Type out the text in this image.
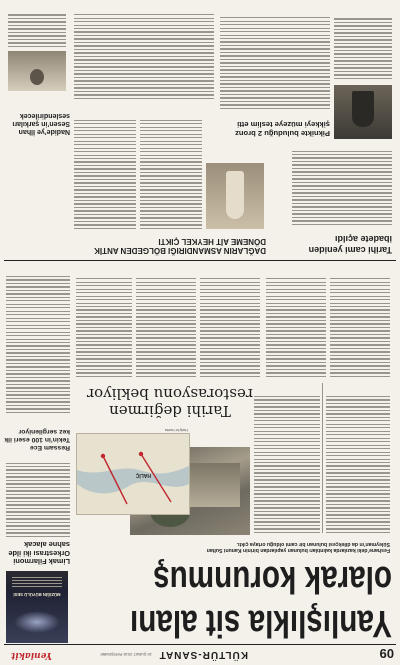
09
KÜLTÜR-SANAT
15 ŞUBAT 2018 PERŞEMBE
Yeniakit
Yanlışlıkla sit alanı
olarak korunmuş
MÜZİĞİN BÜYÜLÜ SESİ
Feshane’deki kazılarda kalıntıları bulunan yapılardan birinin Kanuni Sultan Süleyman’ın da dilekçesi bulunan bir cami olduğu ortaya çıktı.
Limak Filarmoni Orkestrası iki ilde sahne alacak
HALİÇ
Haliç’te harita
Ressam Ece Tekin’in 100 eseri ilk kez sergileniyor
Tarihi değirmen restorasyonu bekliyor
Tarihi cami yeniden ibadete açıldı
DAĞLARIN ASMANDIRIĞI BÖLGEDEN ANTİK DÖNEME AİT HEYKEL ÇIKTI
Piknikte buluduğu 2 bronz şikkeyi müzeye teslim etti
Nadide’ye İlhan Sesen’in şarkıları seslendirilecek
